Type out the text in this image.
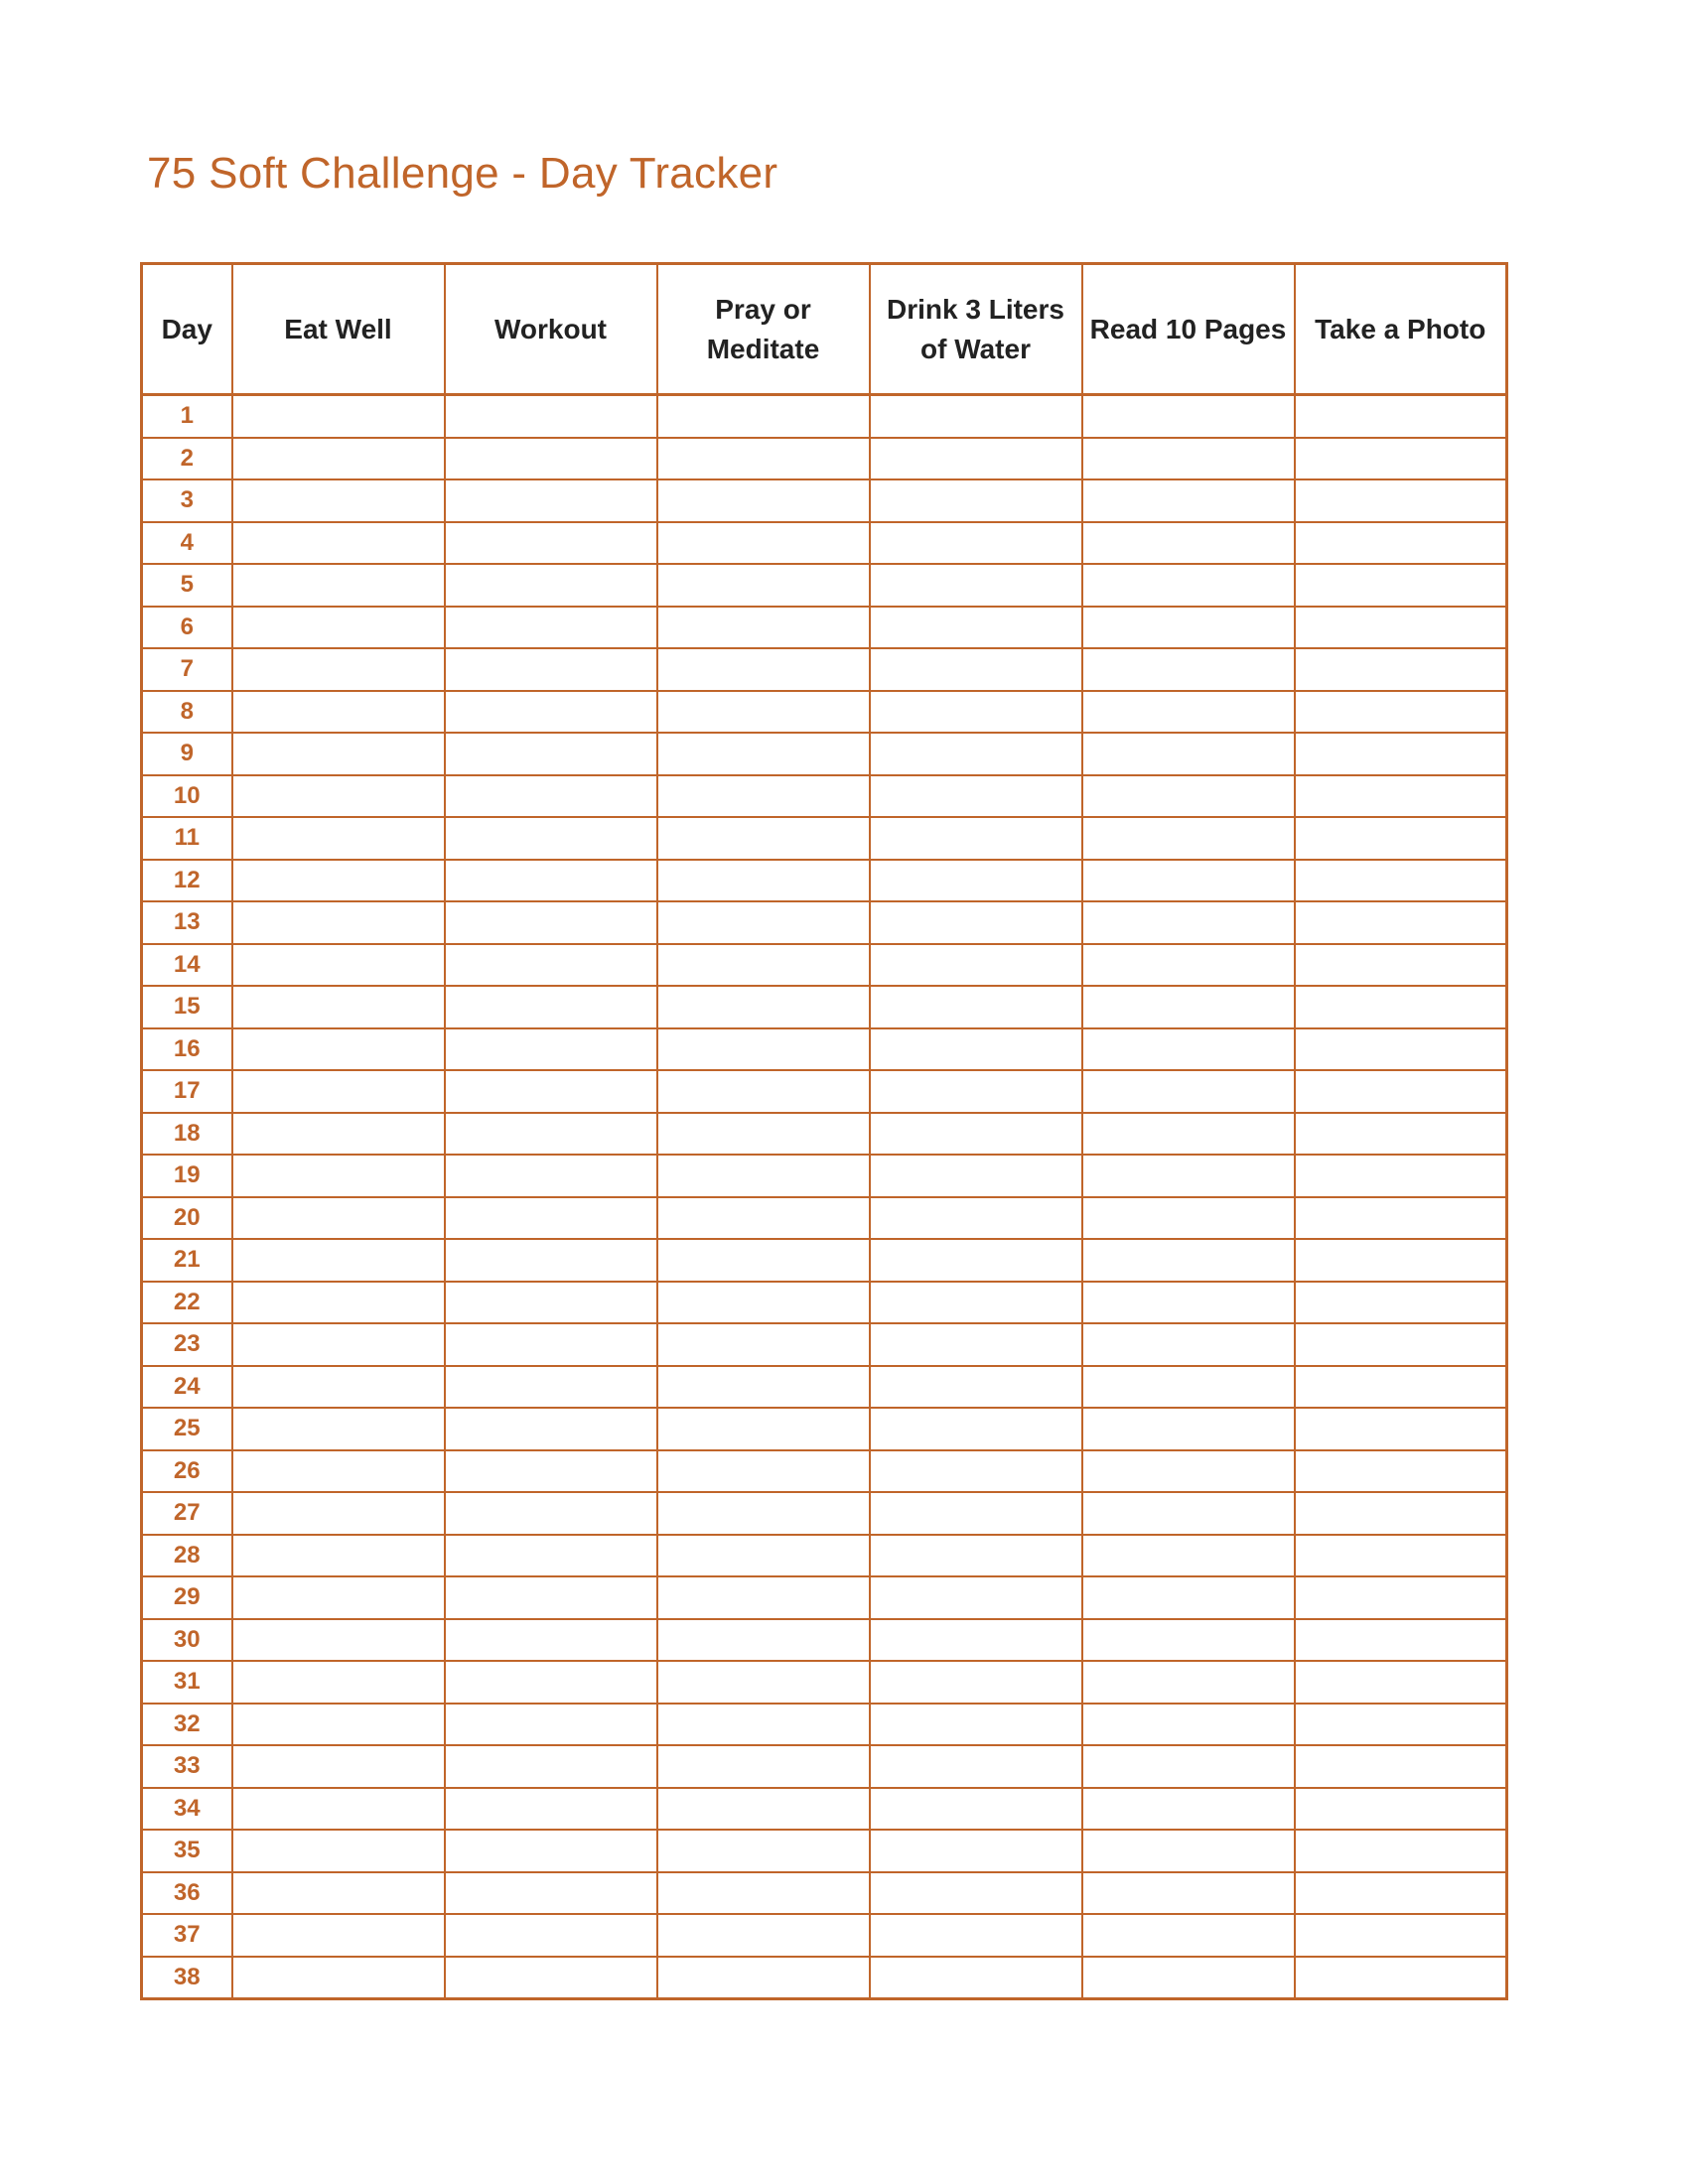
75 Soft Challenge - Day Tracker
Day	Eat Well	Workout	Pray or Meditate	Drink 3 Liters of Water	Read 10 Pages	Take a Photo
1						
2						
3						
4						
5						
6						
7						
8						
9						
10						
11						
12						
13						
14						
15						
16						
17						
18						
19						
20						
21						
22						
23						
24						
25						
26						
27						
28						
29						
30						
31						
32						
33						
34						
35						
36						
37						
38						
